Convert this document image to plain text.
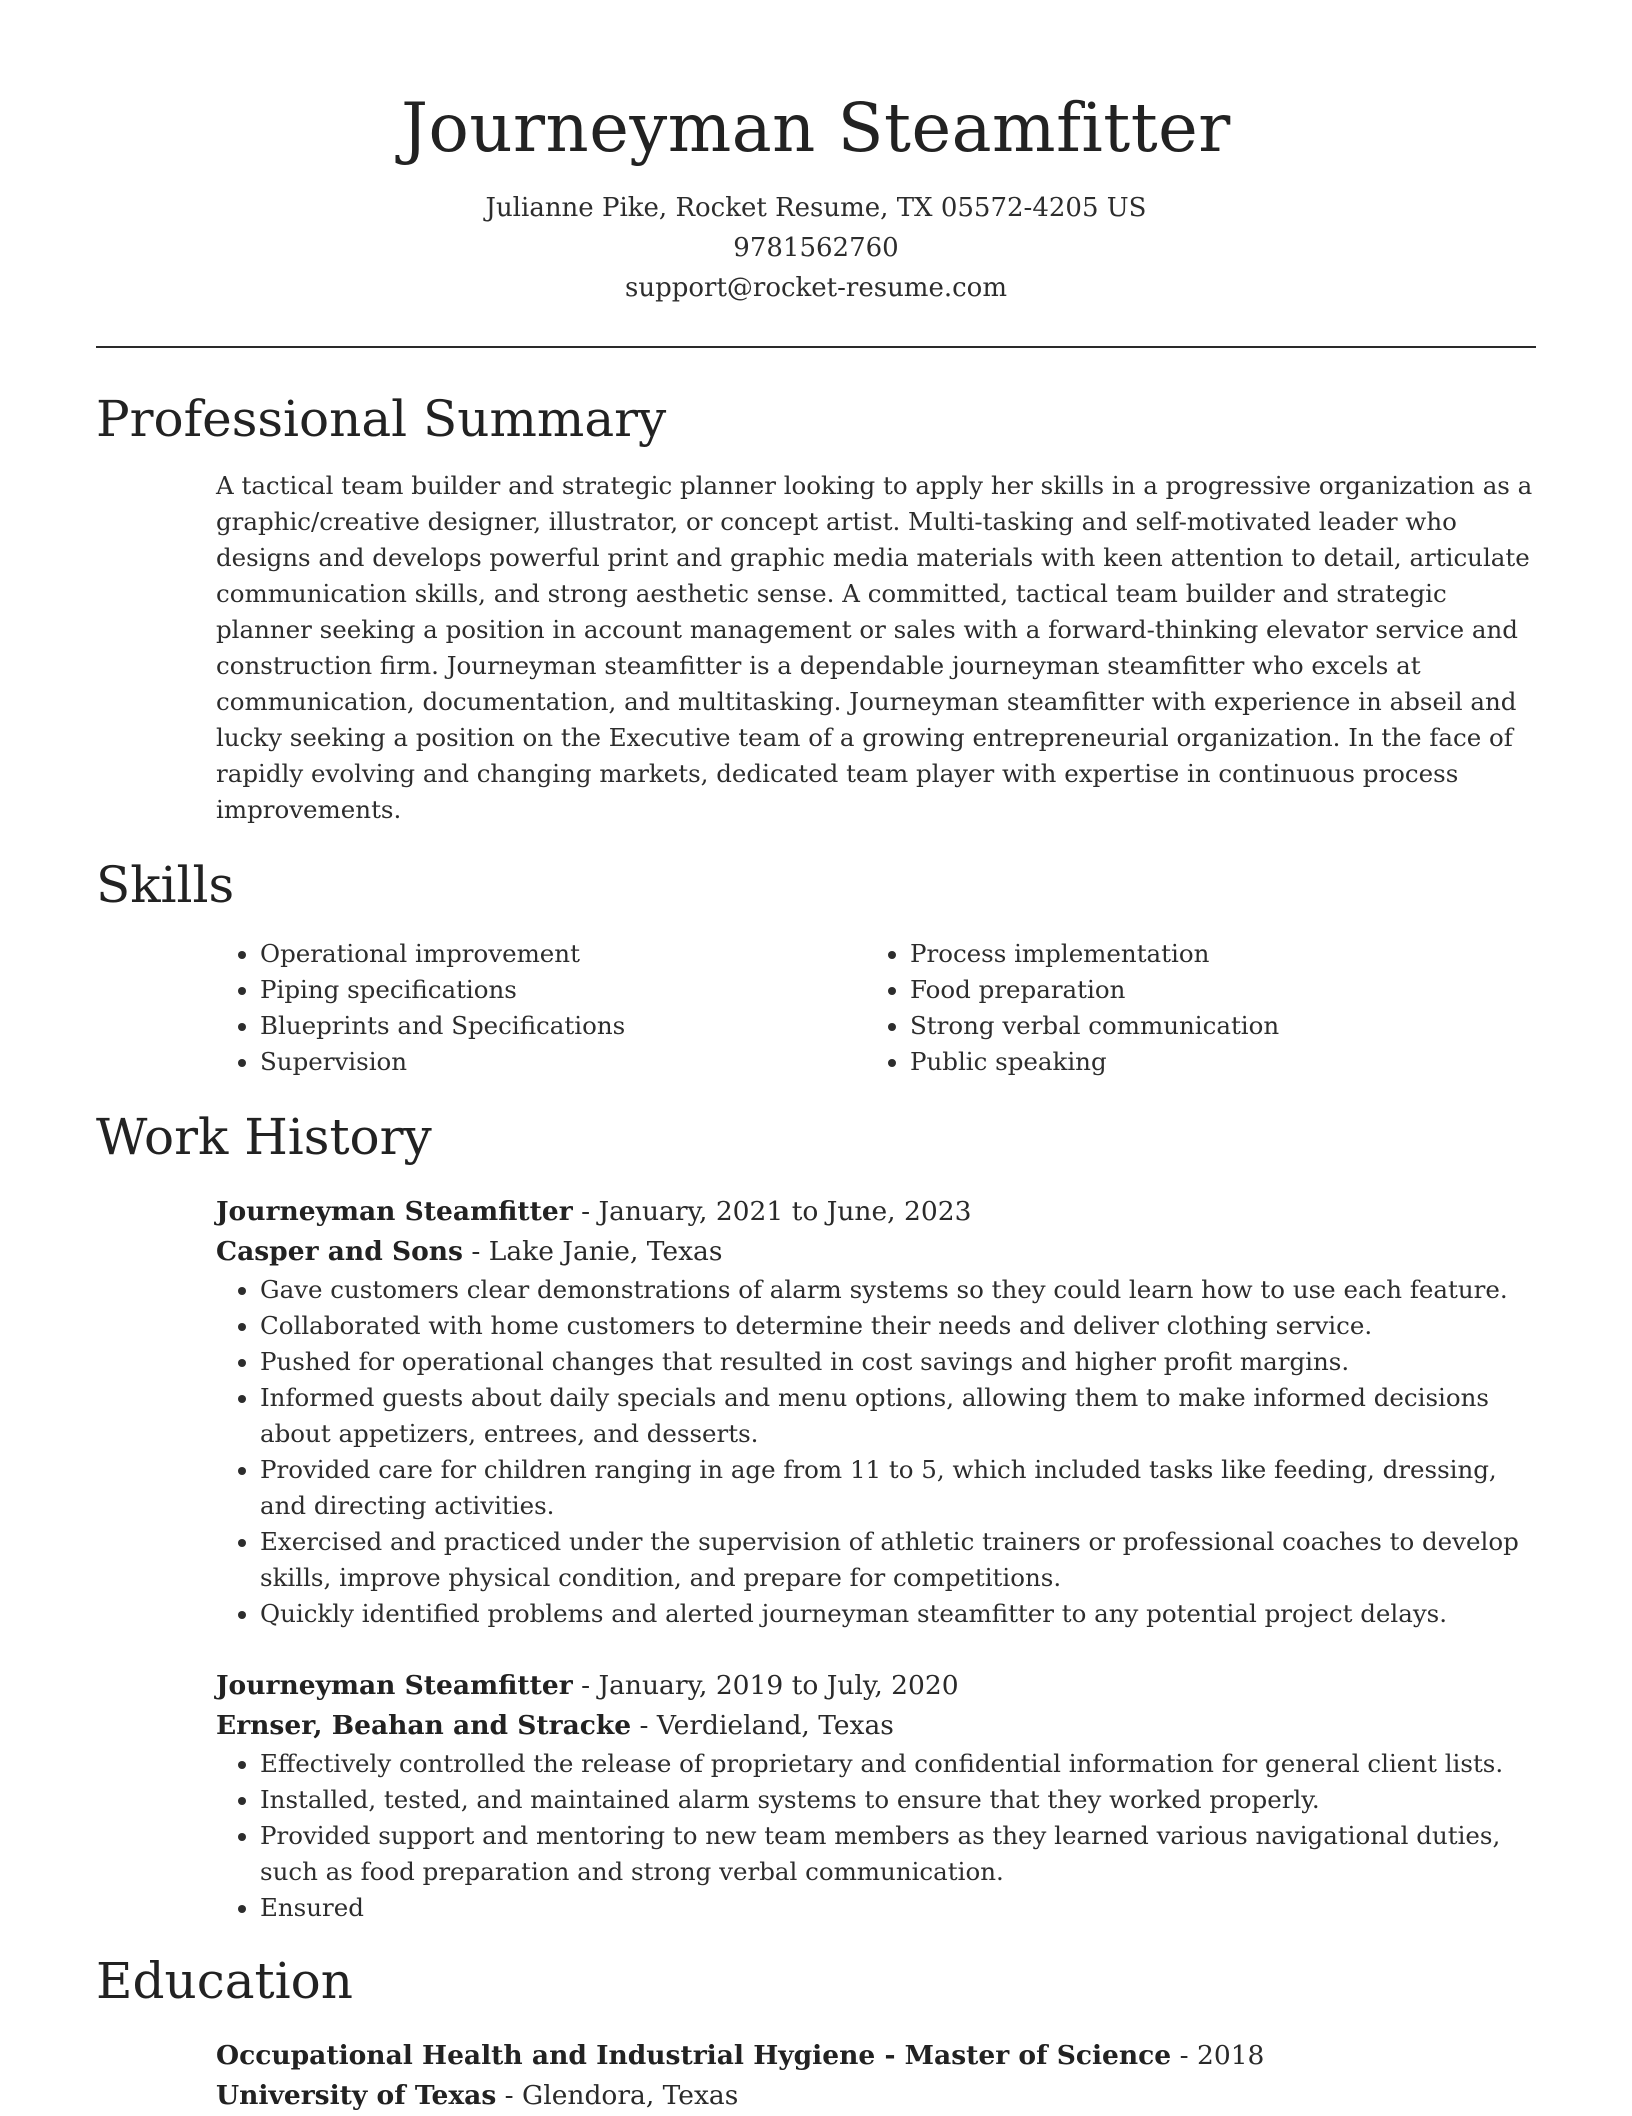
Journeyman Steamfitter

Julianne Pike, Rocket Resume, TX 05572-4205 US

9781562760

support@rocket-resume.com

Professional Summary

A tactical team builder and strategic planner looking to apply her skills in a progressive organization as a graphic/creative designer, illustrator, or concept artist. Multi-tasking and self-motivated leader who designs and develops powerful print and graphic media materials with keen attention to detail, articulate communication skills, and strong aesthetic sense. A committed, tactical team builder and strategic planner seeking a position in account management or sales with a forward-thinking elevator service and construction firm. Journeyman steamfitter is a dependable journeyman steamfitter who excels at communication, documentation, and multitasking. Journeyman steamfitter with experience in abseil and lucky seeking a position on the Executive team of a growing entrepreneurial organization. In the face of rapidly evolving and changing markets, dedicated team player with expertise in continuous process improvements.

Skills
• Operational improvement
• Piping specifications
• Blueprints and Specifications
• Supervision
• Process implementation
• Food preparation
• Strong verbal communication
• Public speaking
Work History

Journeyman Steamfitter - January, 2021 to June, 2023

Casper and Sons - Lake Janie, Texas

• Gave customers clear demonstrations of alarm systems so they could learn how to use each feature.
• Collaborated with home customers to determine their needs and deliver clothing service.
• Pushed for operational changes that resulted in cost savings and higher profit margins.
• Informed guests about daily specials and menu options, allowing them to make informed decisions about appetizers, entrees, and desserts.
• Provided care for children ranging in age from 11 to 5, which included tasks like feeding, dressing, and directing activities.
• Exercised and practiced under the supervision of athletic trainers or professional coaches to develop skills, improve physical condition, and prepare for competitions.
• Quickly identified problems and alerted journeyman steamfitter to any potential project delays.

Journeyman Steamfitter - January, 2019 to July, 2020

Ernser, Beahan and Stracke - Verdieland, Texas

• Effectively controlled the release of proprietary and confidential information for general client lists.
• Installed, tested, and maintained alarm systems to ensure that they worked properly.
• Provided support and mentoring to new team members as they learned various navigational duties, such as food preparation and strong verbal communication.
• Ensured
Education

Occupational Health and Industrial Hygiene - Master of Science - 2018

University of Texas - Glendora, Texas
